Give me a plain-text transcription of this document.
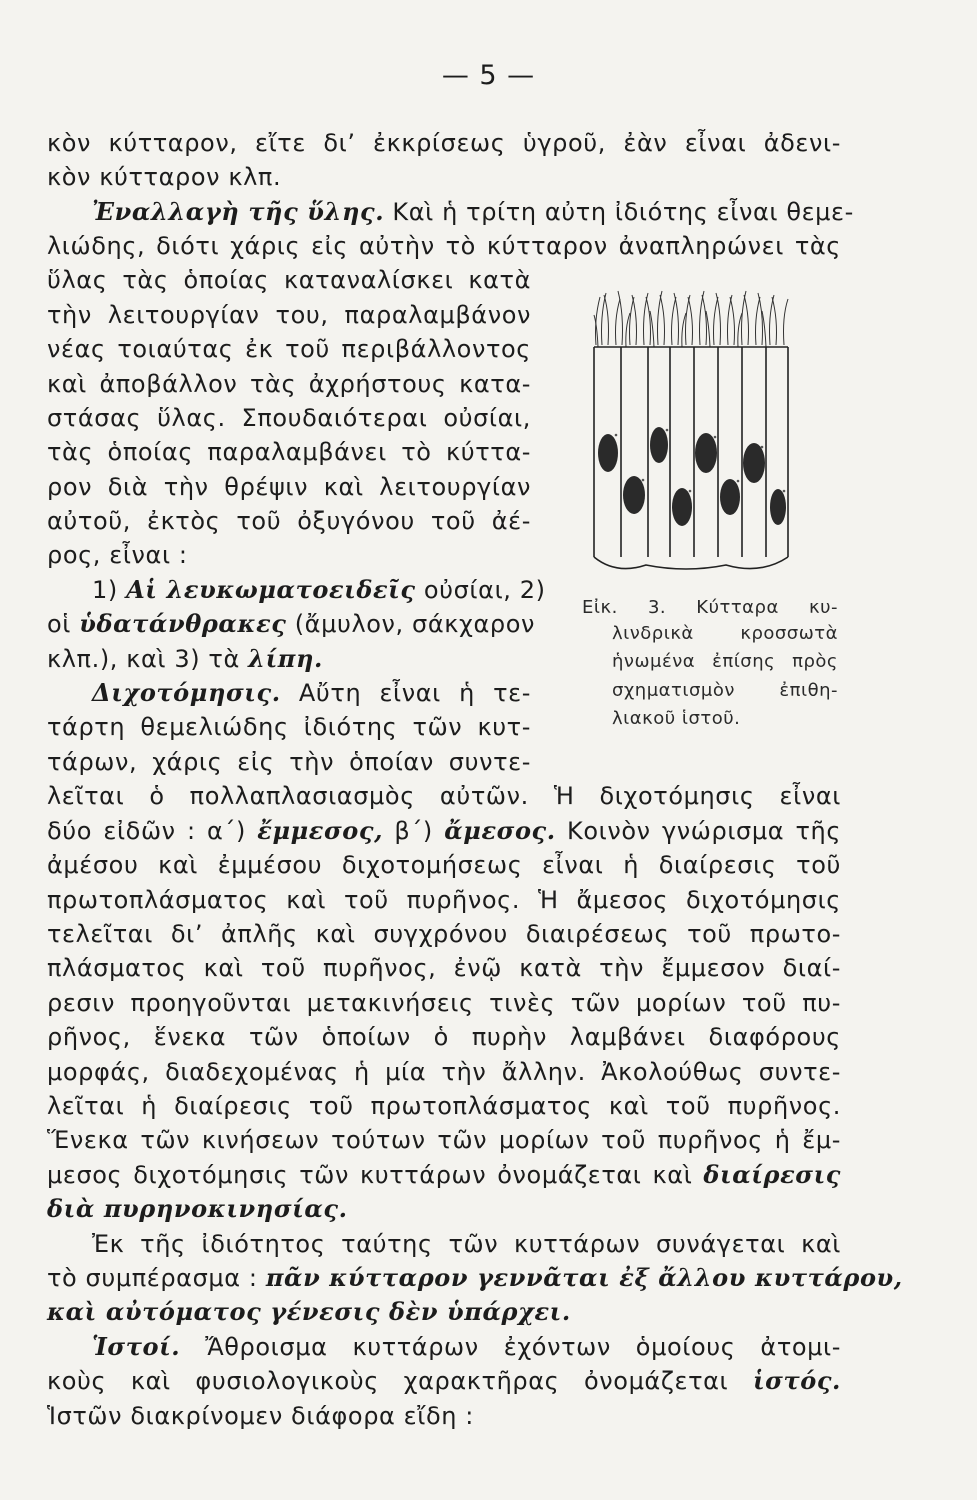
— 5 —
κὸν κύτταρον, εἴτε δι’ ἐκκρίσεως ὑγροῦ, ἐὰν εἶναι ἀδενι-
κὸν κύτταρον κλπ.
Ἐναλλαγὴ τῆς ὕλης. Καὶ ἡ τρίτη αὐτη ἰδιότης εἶναι θεμε-
λιώδης, διότι χάρις εἰς αὐτὴν τὸ κύτταρον ἀναπληρώνει τὰς
ὕλας τὰς ὁποίας καταναλίσκει κατὰ
τὴν λειτουργίαν του, παραλαμβάνον
νέας τοιαύτας ἐκ τοῦ περιβάλλοντος
καὶ ἀποβάλλον τὰς ἀχρήστους κατα-
στάσας ὕλας. Σπουδαιότεραι οὐσίαι,
τὰς ὁποίας παραλαμβάνει τὸ κύττα-
ρον διὰ τὴν θρέψιν καὶ λειτουργίαν
αὐτοῦ, ἐκτὸς τοῦ ὀξυγόνου τοῦ ἀέ-
ρος, εἶναι :
1) Αἱ λευκωματοειδεῖς οὐσίαι, 2)
οἱ ὑδατάνθρακες (ἄμυλον, σάκχαρον
κλπ.), καὶ 3) τὰ λίπη.
Διχοτόμησις. Αὔτη εἶναι ἡ τε-
τάρτη θεμελιώδης ἰδιότης τῶν κυτ-
τάρων, χάρις εἰς τὴν ὁποίαν συντε-
λεῖται ὁ πολλαπλασιασμὸς αὐτῶν. Ἡ διχοτόμησις εἶναι
δύο εἰδῶν : α΄) ἔμμεσος, β΄) ἄμεσος. Κοινὸν γνώρισμα τῆς
ἀμέσου καὶ ἐμμέσου διχοτομήσεως εἶναι ἡ διαίρεσις τοῦ
πρωτοπλάσματος καὶ τοῦ πυρῆνος. Ἡ ἄμεσος διχοτόμησις
τελεῖται δι’ ἀπλῆς καὶ συγχρόνου διαιρέσεως τοῦ πρωτο-
πλάσματος καὶ τοῦ πυρῆνος, ἐνῷ κατὰ τὴν ἔμμεσον διαί-
ρεσιν προηγοῦνται μετακινήσεις τινὲς τῶν μορίων τοῦ πυ-
ρῆνος, ἕνεκα τῶν ὁποίων ὁ πυρὴν λαμβάνει διαφόρους
μορφάς, διαδεχομένας ἡ μία τὴν ἄλλην. Ἀκολούθως συντε-
λεῖται ἡ διαίρεσις τοῦ πρωτοπλάσματος καὶ τοῦ πυρῆνος.
Ἕνεκα τῶν κινήσεων τούτων τῶν μορίων τοῦ πυρῆνος ἡ ἔμ-
μεσος διχοτόμησις τῶν κυττάρων ὀνομάζεται καὶ διαίρεσις
διὰ πυρηνοκινησίας.
Ἐκ τῆς ἰδιότητος ταύτης τῶν κυττάρων συνάγεται καὶ
τὸ συμπέρασμα : πᾶν κύτταρον γεννᾶται ἐξ ἄλλου κυττάρου,
καὶ αὐτόματος γένεσις δὲν ὑπάρχει.
Ἱστοί. Ἄθροισμα κυττάρων ἐχόντων ὁμοίους ἀτομι-
κοὺς καὶ φυσιολογικοὺς χαρακτῆρας ὀνομάζεται ἱστός.
Ἱστῶν διακρίνομεν διάφορα εἴδη :
Εἰκ. 3. Κύτταρα κυ-
λινδρικὰ κροσσωτὰ
ἡνωμένα ἐπίσης πρὸς
σχηματισμὸν ἐπιθη-
λιακοῦ ἱστοῦ.
